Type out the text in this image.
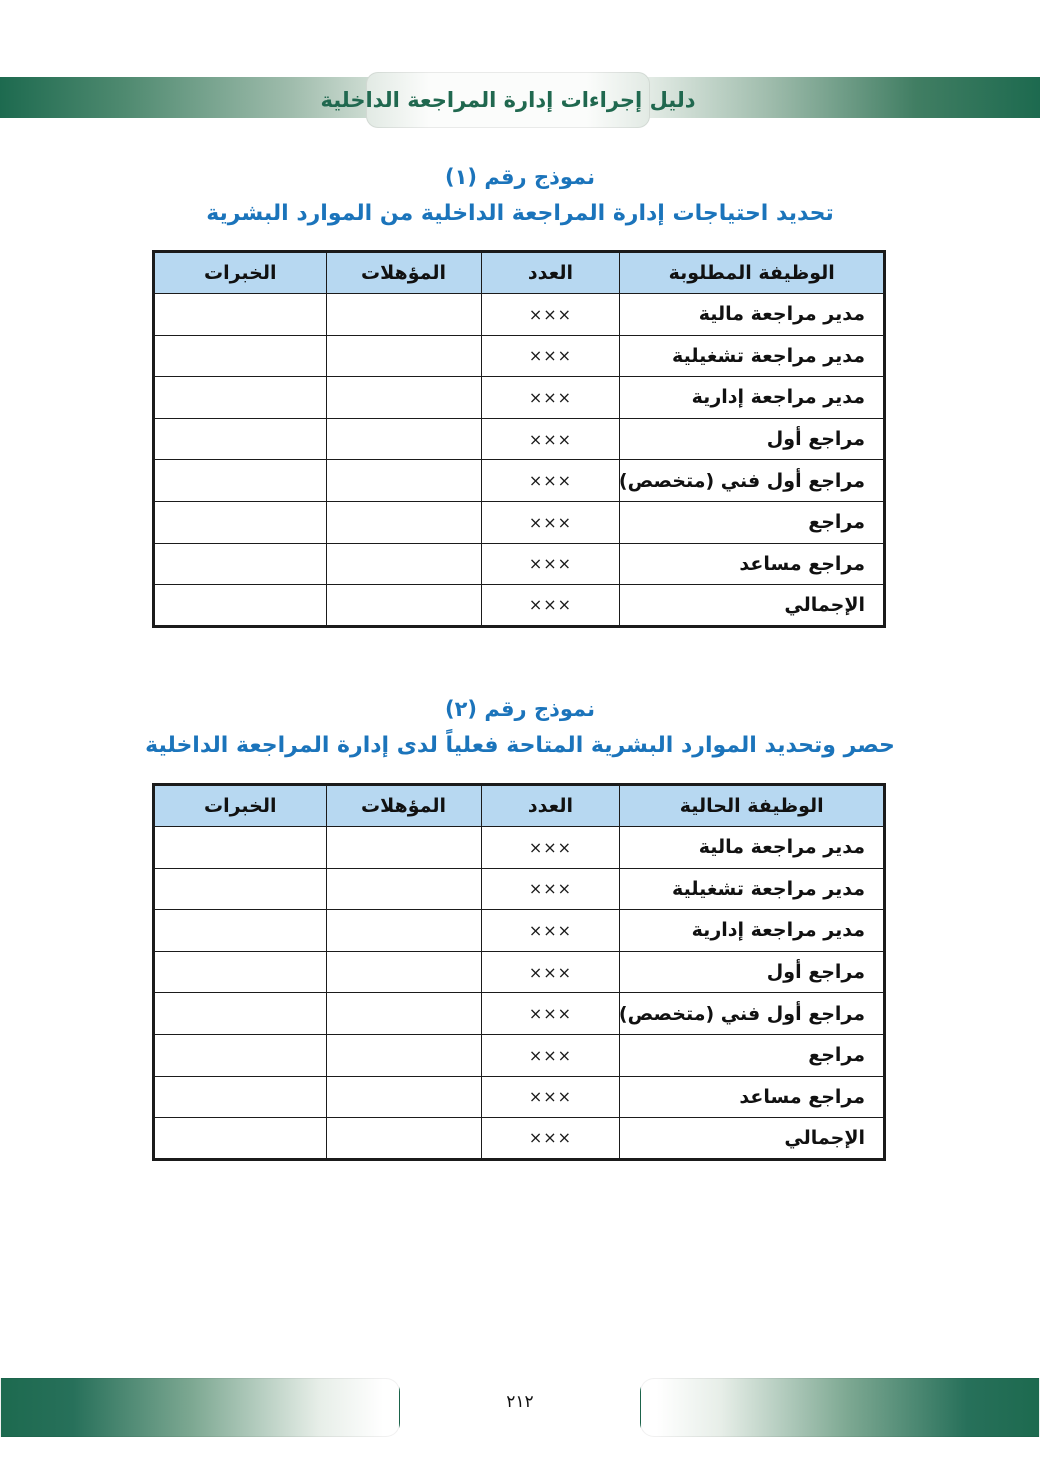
دليل إجراءات إدارة المراجعة الداخلية
نموذج رقم (١)
تحديد احتياجات إدارة المراجعة الداخلية من الموارد البشرية
الوظيفة المطلوبة	العدد	المؤهلات	الخبرات
مدير مراجعة مالية	×××		
مدير مراجعة تشغيلية	×××		
مدير مراجعة إدارية	×××		
مراجع أول	×××		
مراجع أول فني (متخصص)	×××		
مراجع	×××		
مراجع مساعد	×××		
الإجمالي	×××		
نموذج رقم (٢)
حصر وتحديد الموارد البشرية المتاحة فعلياً لدى إدارة المراجعة الداخلية
الوظيفة الحالية	العدد	المؤهلات	الخبرات
مدير مراجعة مالية	×××		
مدير مراجعة تشغيلية	×××		
مدير مراجعة إدارية	×××		
مراجع أول	×××		
مراجع أول فني (متخصص)	×××		
مراجع	×××		
مراجع مساعد	×××		
الإجمالي	×××		
٢١٢
